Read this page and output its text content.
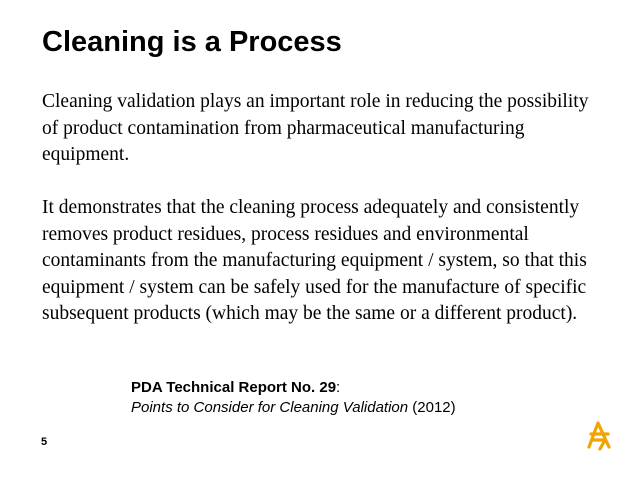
Cleaning is a Process

Cleaning validation plays an important role in reducing the possibility of product contamination from pharmaceutical manufacturing equipment.

It demonstrates that the cleaning process adequately and consistently removes product residues, process residues and environmental contaminants from the manufacturing equipment / system, so that this equipment / system can be safely used for the manufacture of specific subsequent products (which may be the same or a different product).

PDA Technical Report No. 29:
Points to Consider for Cleaning Validation (2012)
5
